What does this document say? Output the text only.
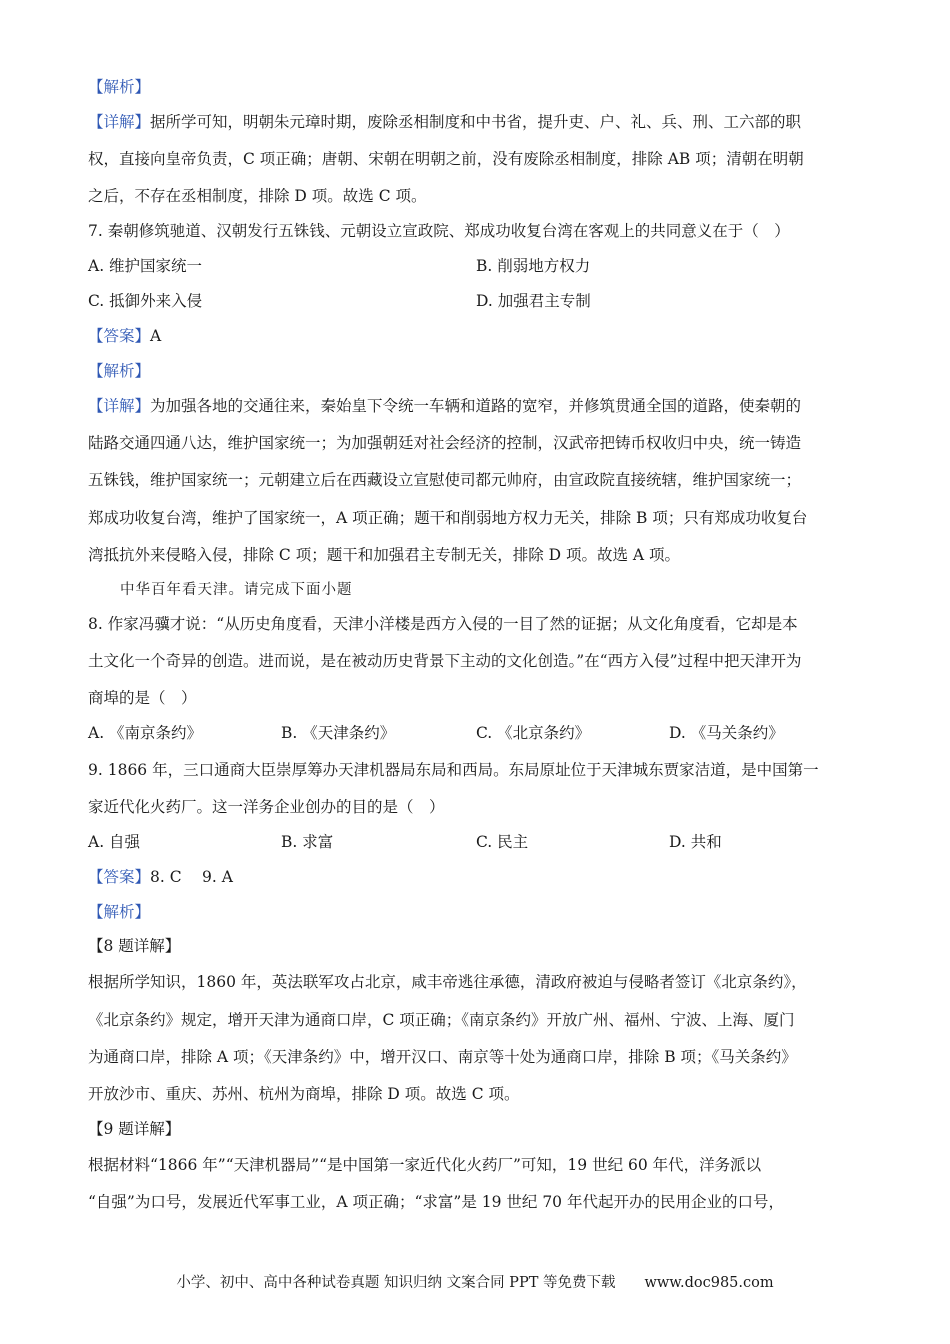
【解析】
【详解】据所学可知，明朝朱元璋时期，废除丞相制度和中书省，提升吏、户、礼、兵、刑、工六部的职
权，直接向皇帝负责，C 项正确；唐朝、宋朝在明朝之前，没有废除丞相制度，排除 AB 项；清朝在明朝
之后，不存在丞相制度，排除 D 项。故选 C 项。
7. 秦朝修筑驰道、汉朝发行五铢钱、元朝设立宣政院、郑成功收复台湾在客观上的共同意义在于（　）
A. 维护国家统一	B. 削弱地方权力
C. 抵御外来入侵	D. 加强君主专制
【答案】A
【解析】
【详解】为加强各地的交通往来，秦始皇下令统一车辆和道路的宽窄，并修筑贯通全国的道路，使秦朝的
陆路交通四通八达，维护国家统一；为加强朝廷对社会经济的控制，汉武帝把铸币权收归中央，统一铸造
五铢钱，维护国家统一；元朝建立后在西藏设立宣慰使司都元帅府，由宣政院直接统辖，维护国家统一；
郑成功收复台湾，维护了国家统一，A 项正确；题干和削弱地方权力无关，排除 B 项；只有郑成功收复台
湾抵抗外来侵略入侵，排除 C 项；题干和加强君主专制无关，排除 D 项。故选 A 项。
中华百年看天津。请完成下面小题
8. 作家冯骥才说：“从历史角度看，天津小洋楼是西方入侵的一目了然的证据；从文化角度看，它却是本
土文化一个奇异的创造。进而说，是在被动历史背景下主动的文化创造。”在“西方入侵”过程中把天津开为
商埠的是（　）
A. 《南京条约》	B. 《天津条约》	C. 《北京条约》	D. 《马关条约》
9. 1866 年，三口通商大臣崇厚筹办天津机器局东局和西局。东局原址位于天津城东贾家洁道，是中国第一
家近代化火药厂。这一洋务企业创办的目的是（　）
A. 自强	B. 求富	C. 民主	D. 共和
【答案】8. C　 9. A
【解析】
【8 题详解】
根据所学知识，1860 年，英法联军攻占北京，咸丰帝逃往承德，清政府被迫与侵略者签订《北京条约》，
《北京条约》规定，增开天津为通商口岸，C 项正确；《南京条约》开放广州、福州、宁波、上海、厦门
为通商口岸，排除 A 项；《天津条约》中，增开汉口、南京等十处为通商口岸，排除 B 项；《马关条约》
开放沙市、重庆、苏州、杭州为商埠，排除 D 项。故选 C 项。
【9 题详解】
根据材料“1866 年”“天津机器局”“是中国第一家近代化火药厂”可知，19 世纪 60 年代，洋务派以
“自强”为口号，发展近代军事工业，A 项正确；“求富”是 19 世纪 70 年代起开办的民用企业的口号，
小学、初中、高中各种试卷真题 知识归纳 文案合同 PPT 等免费下载　　www.doc985.com
